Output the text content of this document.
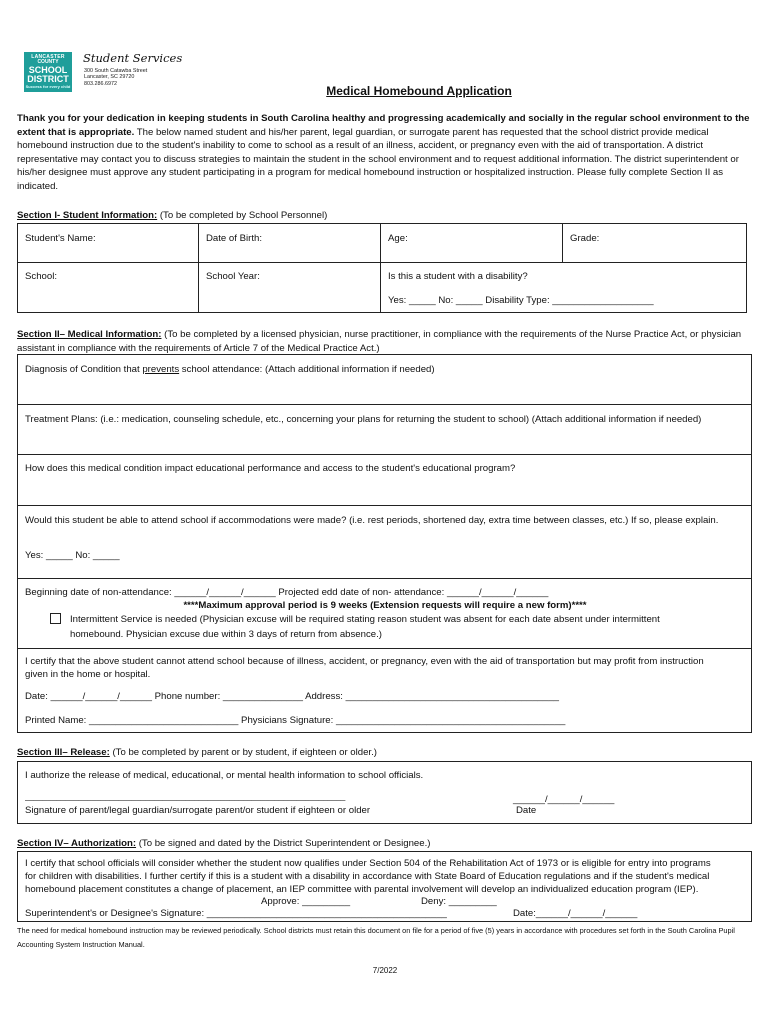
LANCASTER
COUNTY
SCHOOL
DISTRICT
Success for every child
Student Services
300 South Catawba Street
Lancaster, SC 29720
803.286.6972
Medical Homebound Application
Thank you for your dedication in keeping students in South Carolina healthy and progressing academically and socially in the regular school environment to the extent that is appropriate. The below named student and his/her parent, legal guardian, or surrogate parent has requested that the school district provide medical homebound instruction due to the student's inability to come to school as a result of an illness, accident, or pregnancy even with the aid of transportation. A district representative may contact you to discuss strategies to maintain the student in the school environment and to request additional information. The district superintendent or his/her designee must approve any student participating in a program for medical homebound instruction or hospitalized instruction. Please fully complete Section II as indicated.
Section I- Student Information: (To be completed by School Personnel)
Student's Name:	Date of Birth:	Age:	Grade:
School:	School Year:	Is this a student with a disability?
Yes: _____ No: _____ Disability Type: ___________________
Section II– Medical Information: (To be completed by a licensed physician, nurse practitioner, in compliance with the requirements of the Nurse Practice Act, or physician assistant in compliance with the requirements of Article 7 of the Medical Practice Act.)
Diagnosis of Condition that prevents school attendance: (Attach additional information if needed)
Treatment Plans: (i.e.: medication, counseling schedule, etc., concerning your plans for returning the student to school) (Attach additional information if needed)
How does this medical condition impact educational performance and access to the student's educational program?
Would this student be able to attend school if accommodations were made? (i.e. rest periods, shortened day, extra time between classes, etc.) If so, please explain.
Yes: _____ No: _____
Beginning date of non-attendance: ______/______/______ Projected edd date of non- attendance: ______/______/______
****Maximum approval period is 9 weeks (Extension requests will require a new form)****
Intermittent Service is needed (Physician excuse will be required stating reason student was absent for each date absent under intermittent
homebound. Physician excuse due within 3 days of return from absence.)
I certify that the above student cannot attend school because of illness, accident, or pregnancy, even with the aid of transportation but may profit from instruction
given in the home or hospital.
Date: ______/______/______ Phone number: _______________ Address: ________________________________________
Printed Name: ____________________________ Physicians Signature: ___________________________________________
Section III– Release: (To be completed by parent or by student, if eighteen or older.)
I authorize the release of medical, educational, or mental health information to school officials.
________________________________________________________________________
Signature of parent/legal guardian/surrogate parent/or student if eighteen or older
______/______/______
Date
Section IV– Authorization: (To be signed and dated by the District Superintendent or Designee.)
I certify that school officials will consider whether the student now qualifies under Section 504 of the Rehabilitation Act of 1973 or is eligible for entry into programs
for children with disabilities. I further certify if this is a student with a disability in accordance with State Board of Education regulations and if the student's medical
homebound placement constitutes a change of placement, an IEP committee with parental involvement will develop an individualized education program (IEP).
Approve: _________	Deny: _________
Superintendent's or Designee's Signature: _____________________________________________	Date:______/______/______
The need for medical homebound instruction may be reviewed periodically. School districts must retain this document on file for a period of five (5) years in accordance with procedures set forth in the South Carolina Pupil Accounting System Instruction Manual.
7/2022
